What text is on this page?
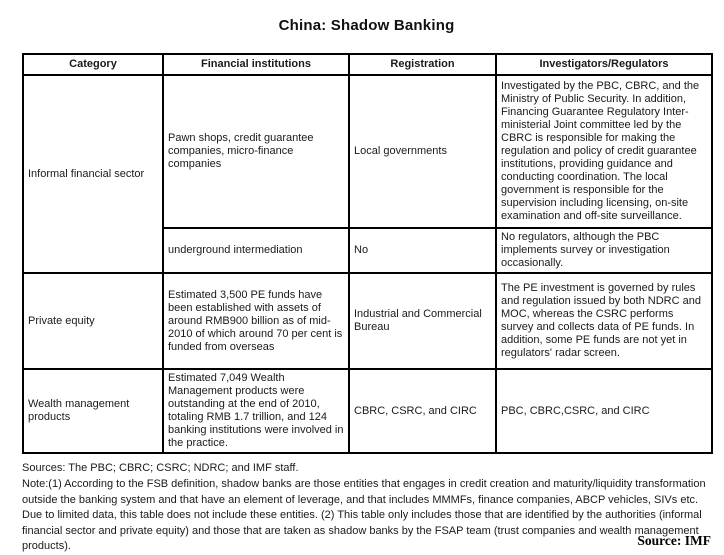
China: Shadow Banking
Category	Financial institutions	Registration	Investigators/Regulators
Informal financial sector	Pawn shops, credit guarantee companies, micro-finance companies	Local governments	Investigated by the PBC, CBRC, and the Ministry of Public Security. In addition, Financing Guarantee Regulatory Inter-ministerial Joint committee led by the CBRC is responsible for making the regulation and policy of credit guarantee institutions, providing guidance and conducting coordination. The local government is responsible for the supervision including licensing, on-site examination and off-site surveillance.
	underground intermediation	No	No regulators, although the PBC implements survey or investigation occasionally.
Private equity	Estimated 3,500 PE funds have been established with assets of around RMB900 billion as of mid-2010 of which around 70 per cent is funded from overseas	Industrial and Commercial Bureau	The PE investment is governed by rules and regulation issued by both NDRC and MOC, whereas the CSRC performs survey and collects data of PE funds. In addition, some PE funds are not yet in regulators' radar screen.
Wealth management products	Estimated 7,049 Wealth Management products were outstanding at the end of 2010, totaling RMB 1.7 trillion, and 124 banking institutions were involved in the practice.	CBRC, CSRC, and CIRC	PBC, CBRC,CSRC, and CIRC
Sources: The PBC; CBRC; CSRC; NDRC; and IMF staff.
Note:(1) According to the FSB definition, shadow banks are those entities that engages in credit creation and maturity/liquidity transformation outside the banking system and that have an element of leverage, and that includes MMMFs, finance companies, ABCP vehicles, SIVs etc. Due to limited data, this table does not include these entities. (2) This table only includes those that are identified by the authorities (informal financial sector and private equity) and those that are taken as shadow banks by the FSAP team (trust companies and wealth management products).	Source: IMF
